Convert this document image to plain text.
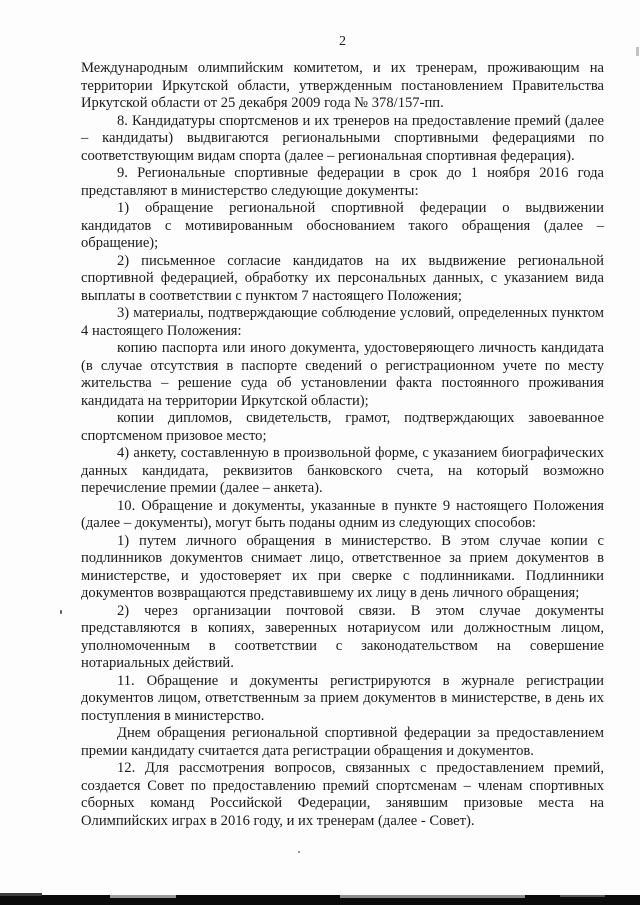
2

Международным олимпийским комитетом, и их тренерам, проживающим на территории Иркутской области, утвержденным постановлением Правительства Иркутской области от 25 декабря 2009 года № 378/157-пп.

8. Кандидатуры спортсменов и их тренеров на предоставление премий (далее – кандидаты) выдвигаются региональными спортивными федерациями по соответствующим видам спорта (далее – региональная спортивная федерация).

9. Региональные спортивные федерации в срок до 1 ноября 2016 года представляют в министерство следующие документы:

1) обращение региональной спортивной федерации о выдвижении кандидатов с мотивированным обоснованием такого обращения (далее – обращение);

2) письменное согласие кандидатов на их выдвижение региональной спортивной федерацией, обработку их персональных данных, с указанием вида выплаты в соответствии с пунктом 7 настоящего Положения;

3) материалы, подтверждающие соблюдение условий, определенных пунктом 4 настоящего Положения:

копию паспорта или иного документа, удостоверяющего личность кандидата (в случае отсутствия в паспорте сведений о регистрационном учете по месту жительства – решение суда об установлении факта постоянного проживания кандидата на территории Иркутской области);

копии дипломов, свидетельств, грамот, подтверждающих завоеванное спортсменом призовое место;

4) анкету, составленную в произвольной форме, с указанием биографических данных кандидата, реквизитов банковского счета, на который возможно перечисление премии (далее – анкета).

10. Обращение и документы, указанные в пункте 9 настоящего Положения (далее – документы), могут быть поданы одним из следующих способов:

1) путем личного обращения в министерство. В этом случае копии с подлинников документов снимает лицо, ответственное за прием документов в министерстве, и удостоверяет их при сверке с подлинниками. Подлинники документов возвращаются представившему их лицу в день личного обращения;

2) через организации почтовой связи. В этом случае документы представляются в копиях, заверенных нотариусом или должностным лицом, уполномоченным в соответствии с законодательством на совершение нотариальных действий.

11. Обращение и документы регистрируются в журнале регистрации документов лицом, ответственным за прием документов в министерстве, в день их поступления в министерство.

Днем обращения региональной спортивной федерации за предоставлением премии кандидату считается дата регистрации обращения и документов.

12. Для рассмотрения вопросов, связанных с предоставлением премий, создается Совет по предоставлению премий спортсменам – членам спортивных сборных команд Российской Федерации, занявшим призовые места на Олимпийских играх в 2016 году, и их тренерам (далее - Совет).
